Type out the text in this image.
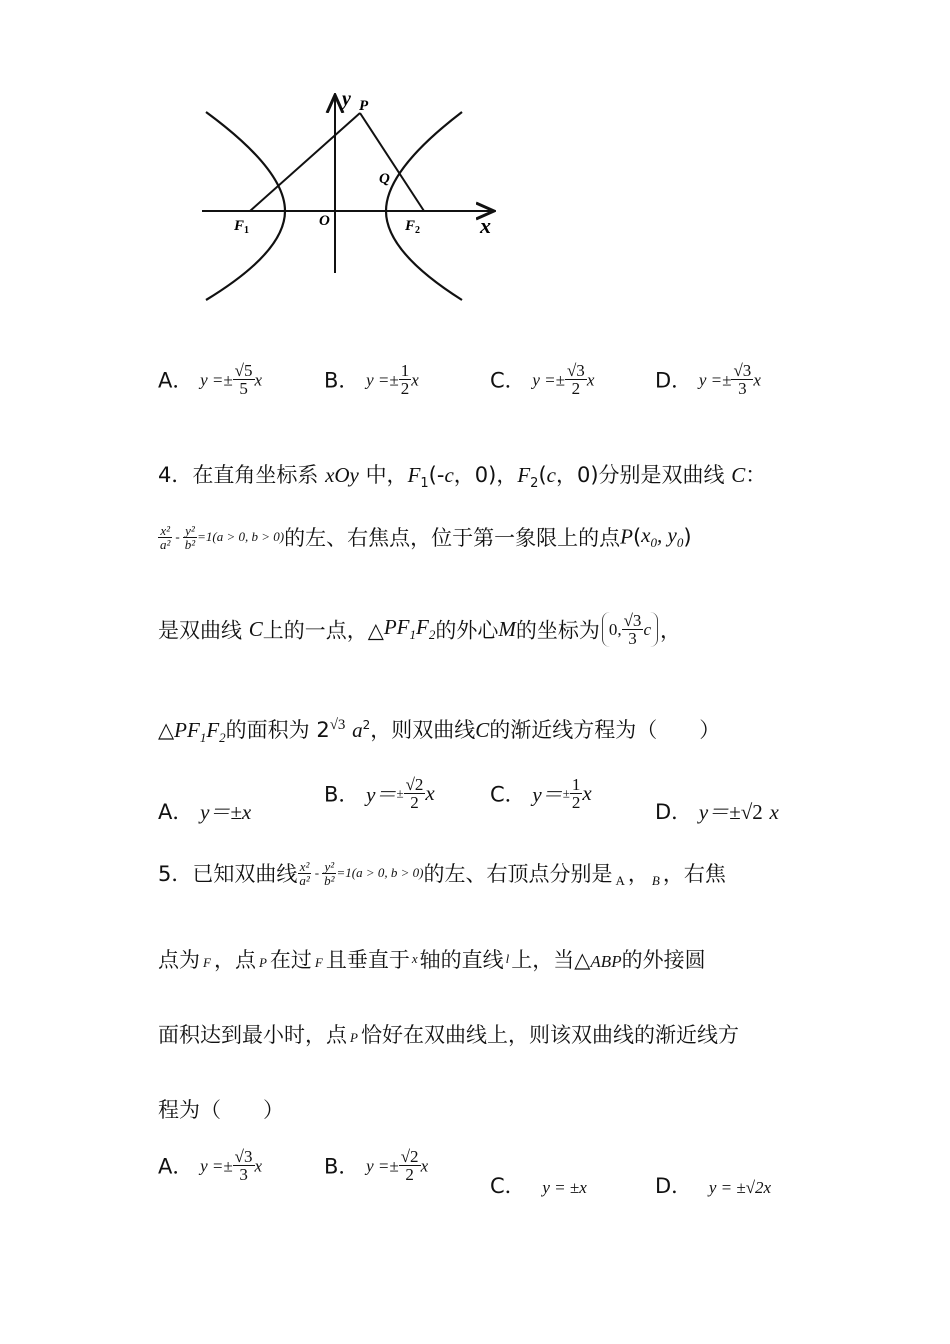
y P
Q
O	x
$F_1$	$F_2$
A． $y =\pm \frac{√5}{5}$ x	B． $y =\pm \frac{1}{2}$ x	C． $y =\pm \frac{√3}{2}$ x	D． $y =\pm \frac{√3}{3}$ x
4．在直角坐标系 xOy 中，$F_1(-c$，0)，$F_2(c$，0)分别是双曲线 C：
$\frac{\text{x²}}{\text{a²}} - \frac{\text{y²}}{\text{b²}} =1(a > 0$, b > 0)的左、右焦点，位于第一象限上的点$P(x_0$, $y_0$)
是双曲线 C上的一点，$\triangle PF_1F_2$的外心M的坐标为 0, $\frac{√3}{3}$ c ，
$\triangle PF_1F_2$的面积为 $2^{√3}$ $a^2$，则双曲线C的渐近线方程为（　　）
A． y＝±x
B． $y=\pm \frac{√2}{2}$ x	C． $y=\pm \frac{1}{2}$ x
D． y＝±√2 x
5．已知双曲线 $\frac{\text{x²}}{\text{a²}} - \frac{\text{y²}}{\text{b²}} =1(a > 0$, b > 0)的左、右顶点分别是 $_A$ ， $_B$ ，右焦
点为 F ，点 P 在过 F 且垂直于 x轴的直线 l上，当△ABP的外接圆
面积达到最小时，点 P 恰好在双曲线上，则该双曲线的渐近线方
程为（　　）
A． $y =\pm \frac{√3}{3}$ x	B． $y =\pm \frac{√2}{2}$ x
C． y = ±x	D． y = ±√2x
